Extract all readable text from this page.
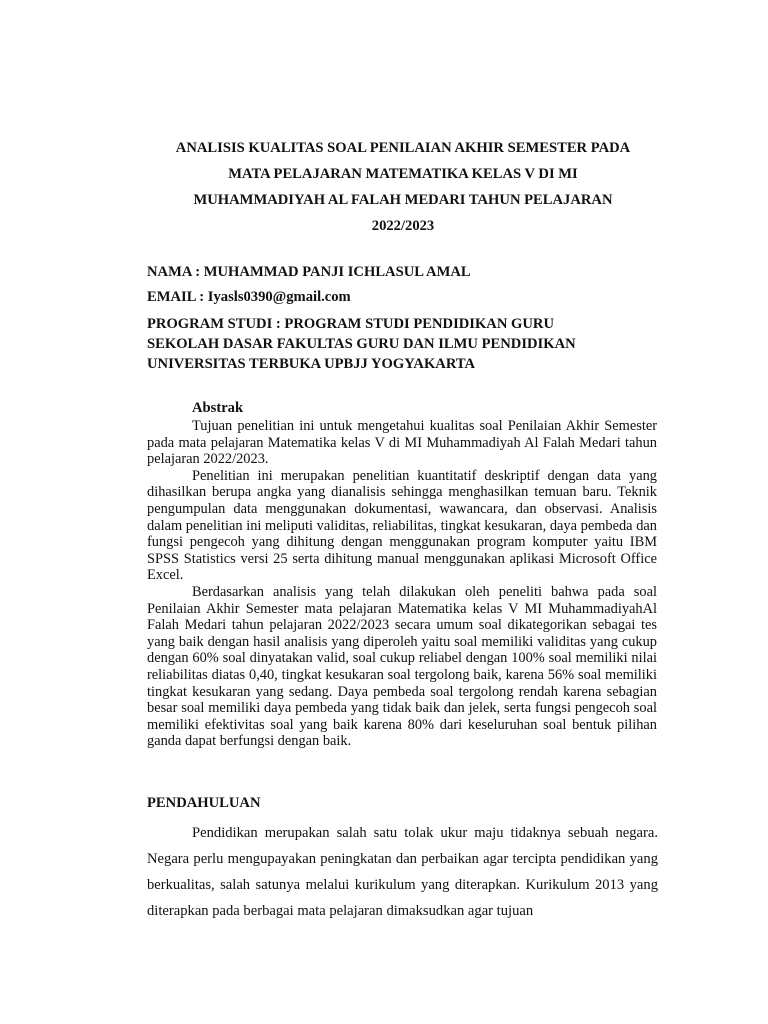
ANALISIS KUALITAS SOAL PENILAIAN AKHIR SEMESTER PADA
MATA PELAJARAN MATEMATIKA KELAS V DI MI
MUHAMMADIYAH AL FALAH MEDARI TAHUN PELAJARAN
2022/2023
NAMA : MUHAMMAD PANJI ICHLASUL AMAL
EMAIL : Iyasls0390@gmail.com
PROGRAM STUDI : PROGRAM STUDI PENDIDIKAN GURU
SEKOLAH DASAR FAKULTAS GURU DAN ILMU PENDIDIKAN
UNIVERSITAS TERBUKA UPBJJ YOGYAKARTA
Abstrak

Tujuan penelitian ini untuk mengetahui kualitas soal Penilaian Akhir Semester pada mata pelajaran Matematika kelas V di MI Muhammadiyah Al Falah Medari tahun pelajaran 2022/2023.

Penelitian ini merupakan penelitian kuantitatif deskriptif dengan data yang dihasilkan berupa angka yang dianalisis sehingga menghasilkan temuan baru. Teknik pengumpulan data menggunakan dokumentasi, wawancara, dan observasi. Analisis dalam penelitian ini meliputi validitas, reliabilitas, tingkat kesukaran, daya pembeda dan fungsi pengecoh yang dihitung dengan menggunakan program komputer yaitu IBM SPSS Statistics versi 25 serta dihitung manual menggunakan aplikasi Microsoft Office Excel.

Berdasarkan analisis yang telah dilakukan oleh peneliti bahwa pada soal Penilaian Akhir Semester mata pelajaran Matematika kelas V MI MuhammadiyahAl Falah Medari tahun pelajaran 2022/2023 secara umum soal dikategorikan sebagai tes yang baik dengan hasil analisis yang diperoleh yaitu soal memiliki validitas yang cukup dengan 60% soal dinyatakan valid, soal cukup reliabel dengan 100% soal memiliki nilai reliabilitas diatas 0,40, tingkat kesukaran soal tergolong baik, karena 56% soal memiliki tingkat kesukaran yang sedang. Daya pembeda soal tergolong rendah karena sebagian besar soal memiliki daya pembeda yang tidak baik dan jelek, serta fungsi pengecoh soal memiliki efektivitas soal yang baik karena 80% dari keseluruhan soal bentuk pilihan ganda dapat berfungsi dengan baik.

PENDAHULUAN

Pendidikan merupakan salah satu tolak ukur maju tidaknya sebuah negara. Negara perlu mengupayakan peningkatan dan perbaikan agar tercipta pendidikan yang berkualitas, salah satunya melalui kurikulum yang diterapkan. Kurikulum 2013 yang diterapkan pada berbagai mata pelajaran dimaksudkan agar tujuan
